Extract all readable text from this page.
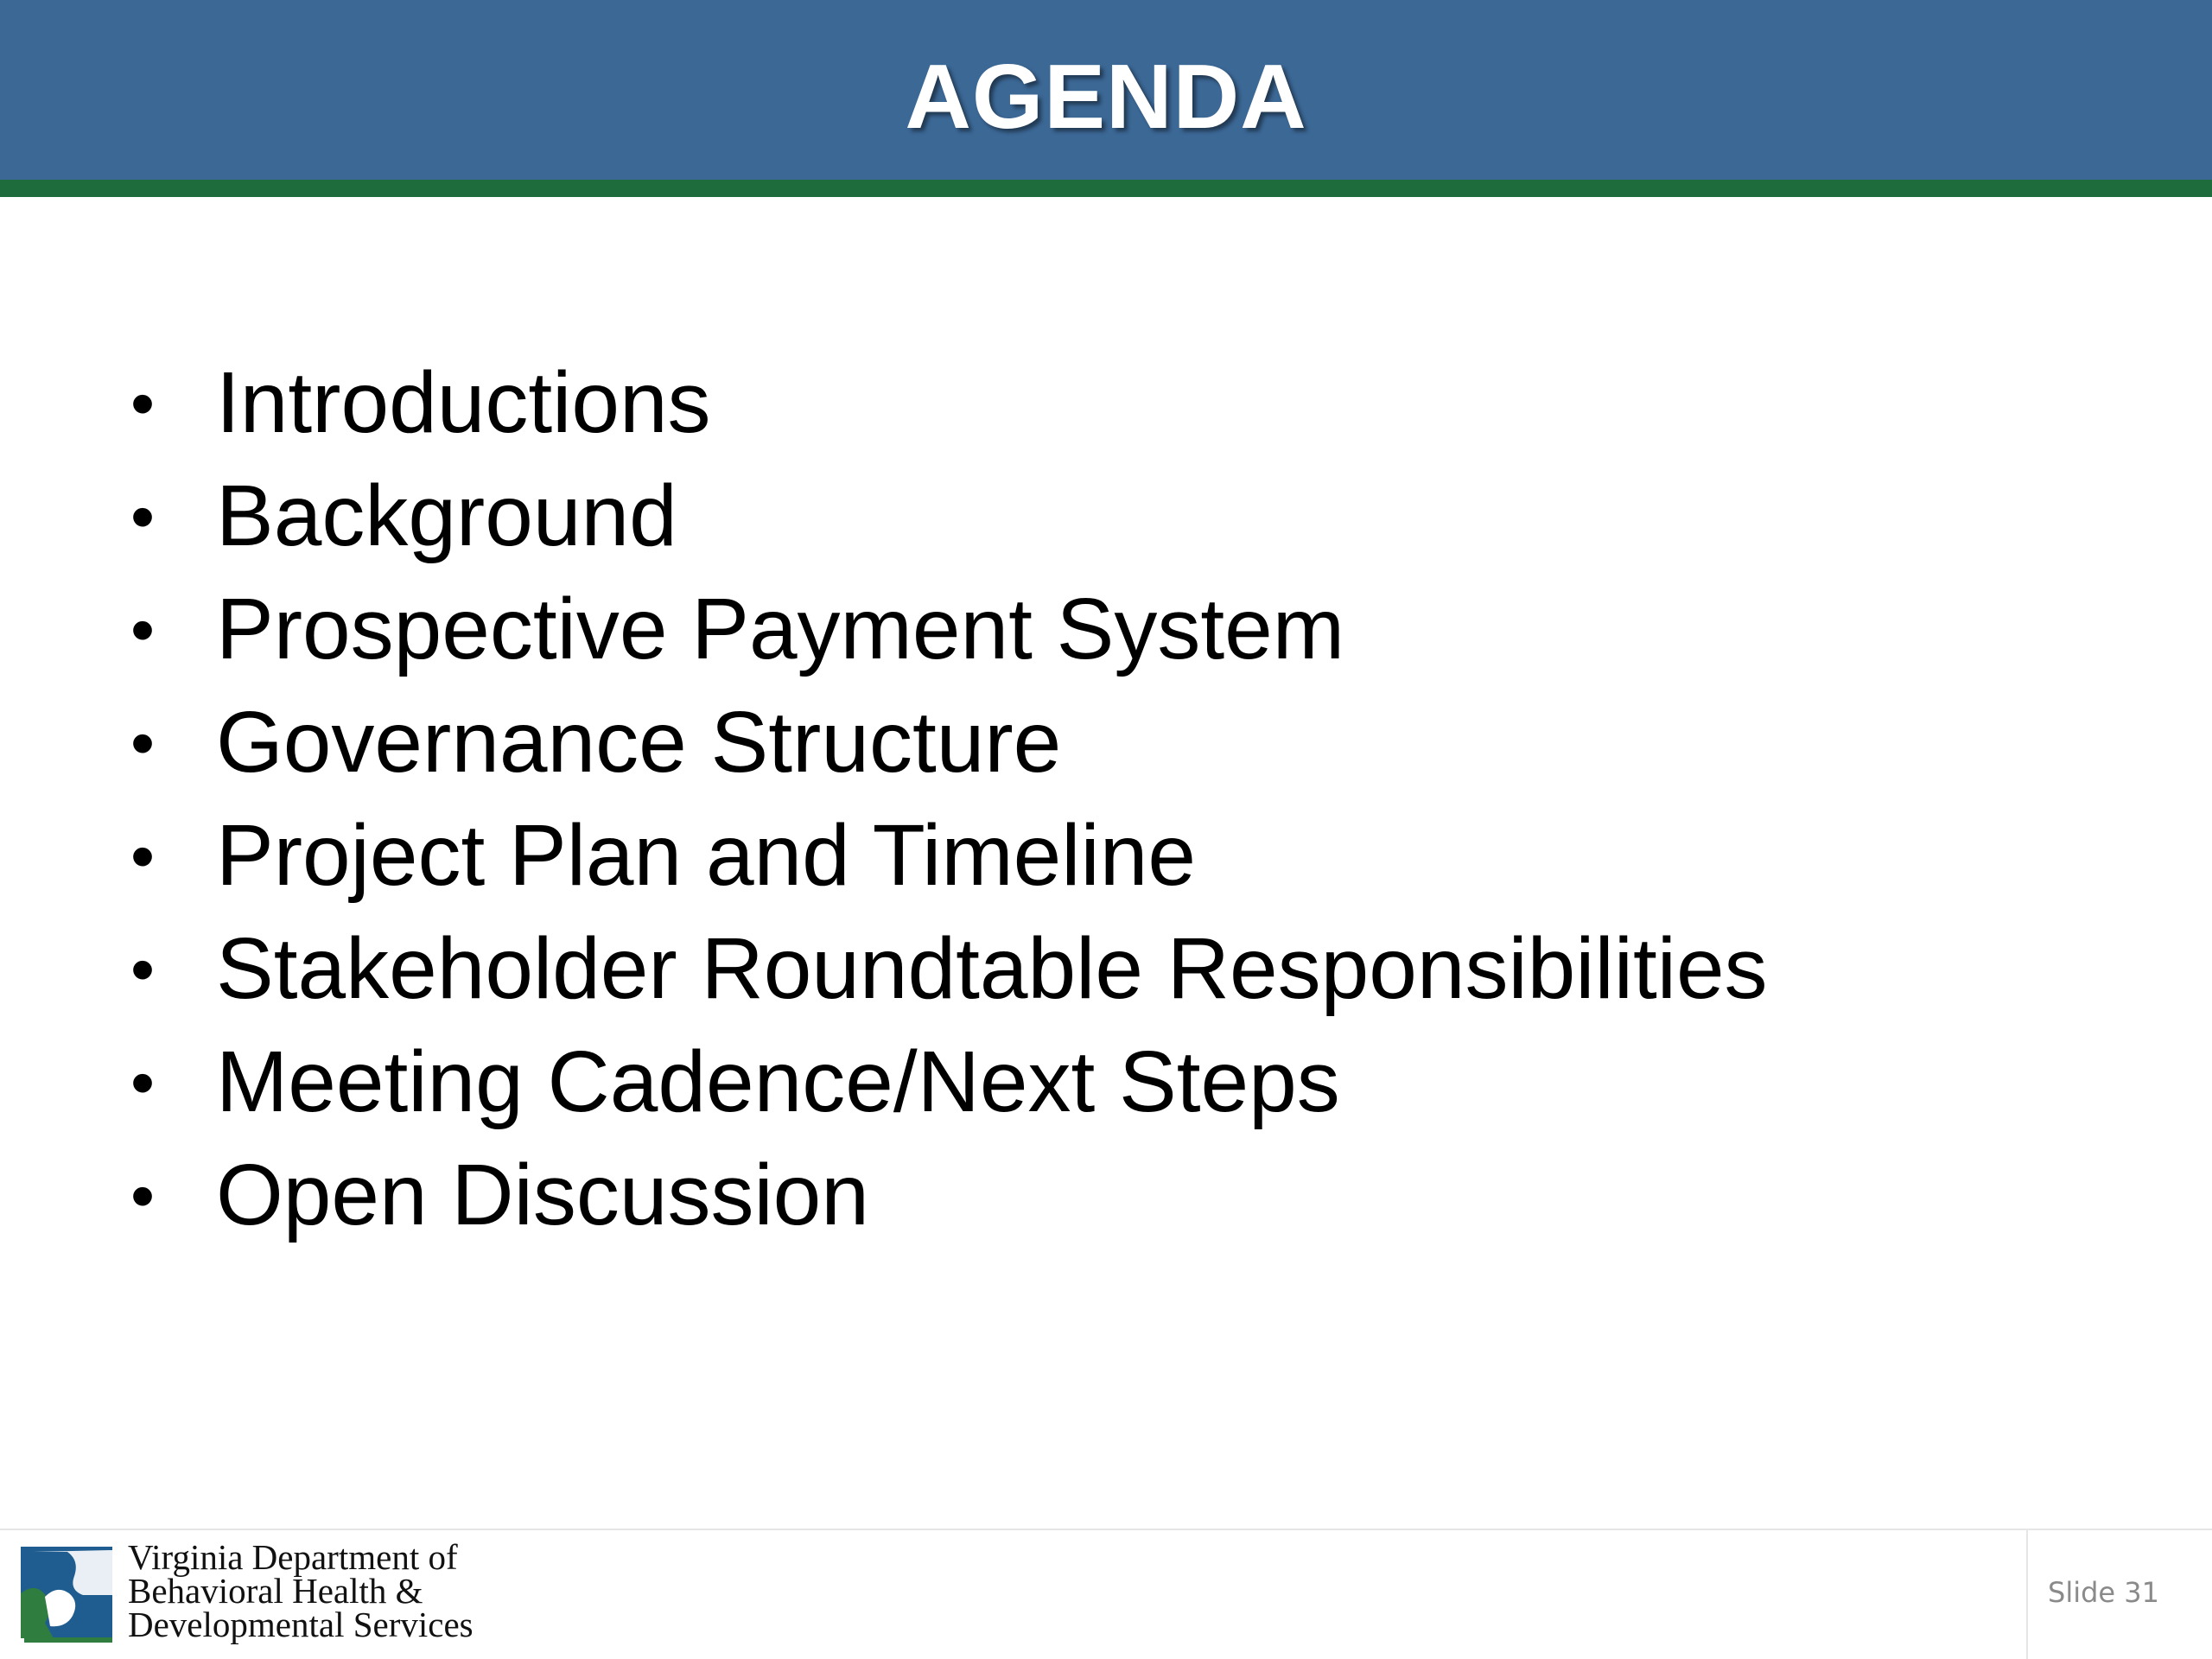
AGENDA
• Introductions
• Background
• Prospective Payment System
• Governance Structure
• Project Plan and Timeline
• Stakeholder Roundtable Responsibilities
• Meeting Cadence/Next Steps
• Open Discussion
Virginia Department of
Behavioral Health &
Developmental Services
Slide 31
